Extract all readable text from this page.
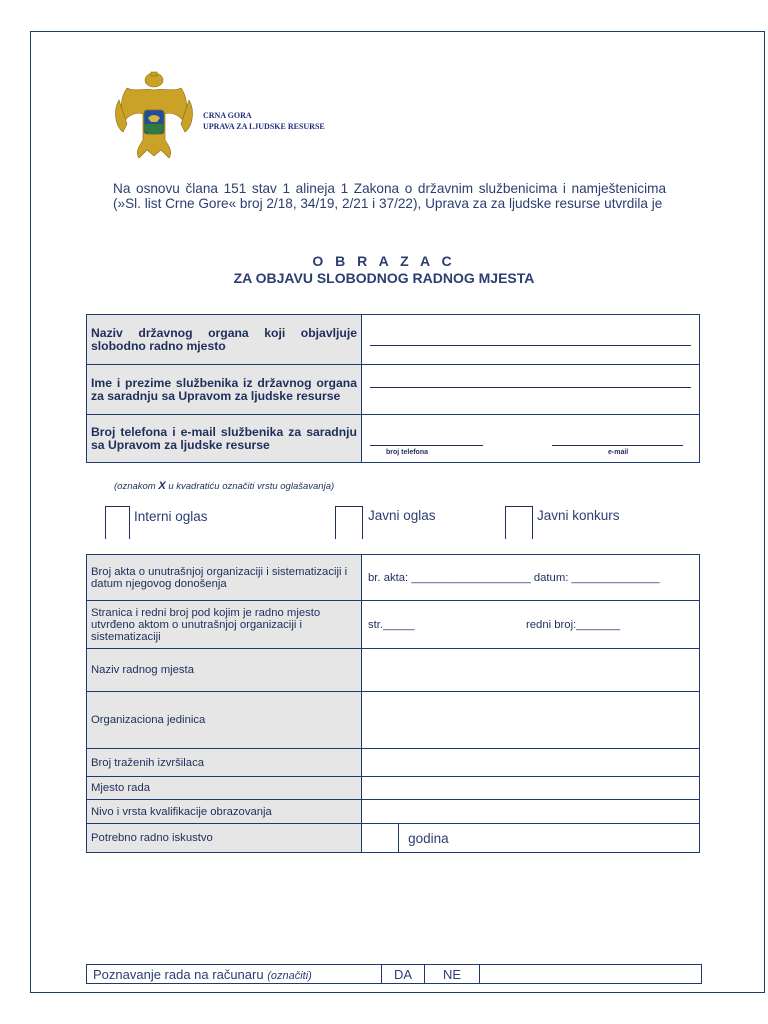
CRNA GORA
UPRAVA ZA LJUDSKE RESURSE
Na osnovu člana 151 stav 1 alineja 1 Zakona o državnim službenicima i namještenicima (»Sl. list Crne Gore« broj 2/18, 34/19, 2/21 i 37/22), Uprava za za ljudske resurse utvrdila je
O B R A Z A C
ZA OBJAVU SLOBODNOG RADNOG MJESTA
Naziv državnog organa koji objavljuje slobodno radno mjesto	

Ime i prezime službenika iz državnog organa za saradnju sa Upravom za ljudske resurse	

Broj telefona i e-mail službenika za saradnju sa Upravom za ljudske resurse	broj telefona e-mail
(oznakom X u kvadratiću označiti vrstu oglašavanja)
Interni oglas	Javni oglas	Javni konkurs
Broj akta o unutrašnjoj organizaciji i sistematizaciji i datum njegovog donošenja	br. akta: ___________________ datum: ______________
Stranica i redni broj pod kojim je radno mjesto utvrđeno aktom o unutrašnjoj organizaciji i sistematizaciji	str._____ redni broj:_______
Naziv radnog mjesta	
Organizaciona jedinica	
Broj traženih izvršilaca	
Mjesto rada	
Nivo i vrsta kvalifikacije obrazovanja	
Potrebno radno iskustvo	godina
Poznavanje rada na računaru (označiti)	DA	NE	
